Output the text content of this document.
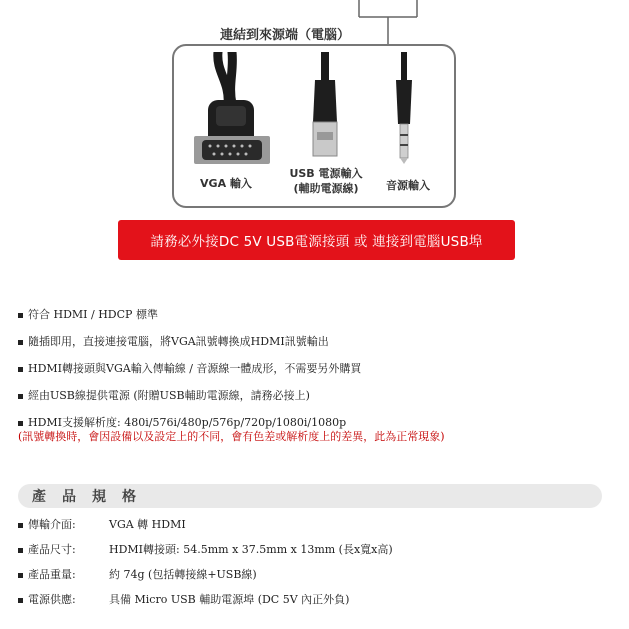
連結到來源端（電腦）
VGA 輸入
USB 電源輸入
(輔助電源線)	音源輸入
請務必外接DC 5V USB電源接頭 或 連接到電腦USB埠
符合 HDMI / HDCP 標準
隨插即用，直接連接電腦，將VGA訊號轉換成HDMI訊號輸出
HDMI轉接頭與VGA輸入傳輸線 / 音源線一體成形，不需要另外購買
經由USB線提供電源 (附贈USB輔助電源線，請務必接上)
HDMI支援解析度: 480i/576i/480p/576p/720p/1080i/1080p
(訊號轉換時，會因設備以及設定上的不同，會有色差或解析度上的差異，此為正常現象)
產品規格
傳輸介面:	VGA 轉 HDMI
產品尺寸:	HDMI轉接頭: 54.5mm x 37.5mm x 13mm (長x寬x高)
產品重量:	約 74g (包括轉接線+USB線)
電源供應:	具備 Micro USB 輔助電源埠 (DC 5V 內正外負)
